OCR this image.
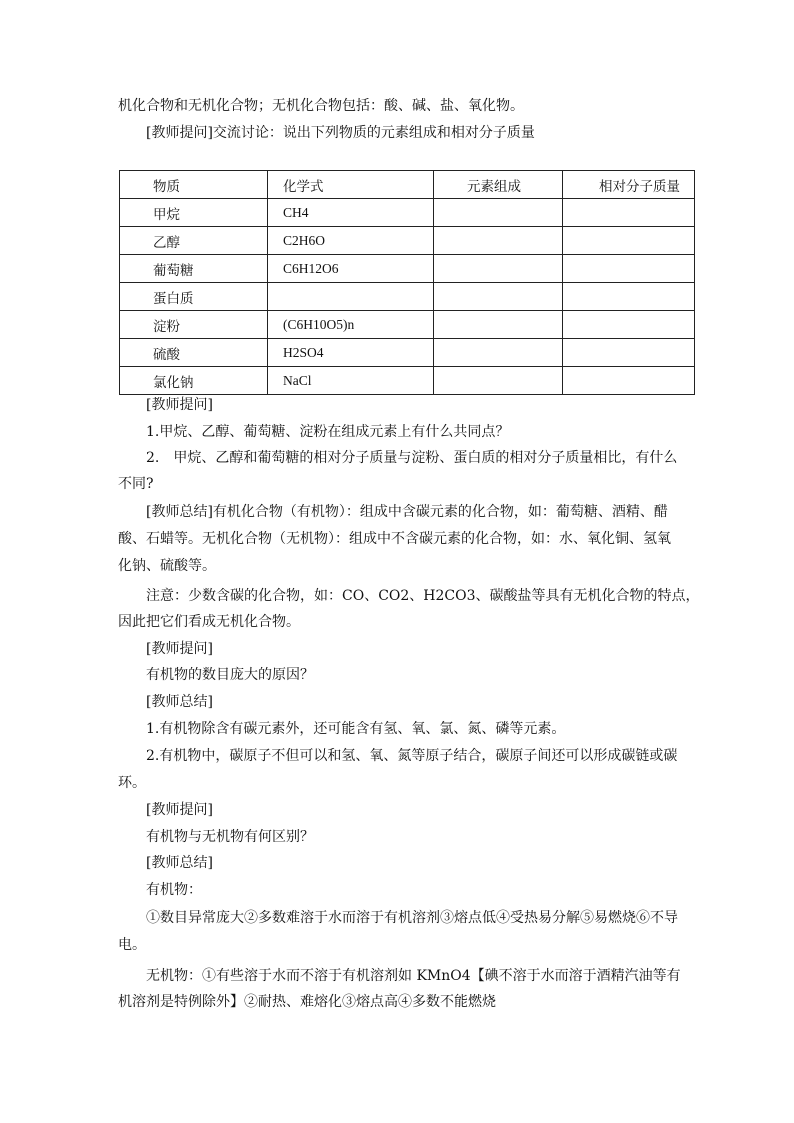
机化合物和无机化合物；无机化合物包括：酸、碱、盐、氧化物。
[教师提问]交流讨论：说出下列物质的元素组成和相对分子质量
物质	化学式	元素组成	相对分子质量
甲烷	CH4		
乙醇	C2H6O		
葡萄糖	C6H12O6		
蛋白质			
淀粉	(C6H10O5)n		
硫酸	H2SO4		
氯化钠	NaCl		
[教师提问]
1.甲烷、乙醇、葡萄糖、淀粉在组成元素上有什么共同点？
2.　甲烷、乙醇和葡萄糖的相对分子质量与淀粉、蛋白质的相对分子质量相比，有什么
不同?
[教师总结]有机化合物（有机物）：组成中含碳元素的化合物，如：葡萄糖、酒精、醋
酸、石蜡等。无机化合物（无机物）：组成中不含碳元素的化合物，如：水、氧化铜、氢氧
化钠、硫酸等。
注意：少数含碳的化合物，如：CO、CO2、H2CO3、碳酸盐等具有无机化合物的特点，
因此把它们看成无机化合物。
[教师提问]
有机物的数目庞大的原因？
[教师总结]
1.有机物除含有碳元素外，还可能含有氢、氧、氯、氮、磷等元素。
2.有机物中，碳原子不但可以和氢、氧、氮等原子结合，碳原子间还可以形成碳链或碳
环。
[教师提问]
有机物与无机物有何区别？
[教师总结]
有机物：
①数目异常庞大②多数难溶于水而溶于有机溶剂③熔点低④受热易分解⑤易燃烧⑥不导
电。
无机物：①有些溶于水而不溶于有机溶剂如 KMnO4【碘不溶于水而溶于酒精汽油等有
机溶剂是特例除外】②耐热、难熔化③熔点高④多数不能燃烧
